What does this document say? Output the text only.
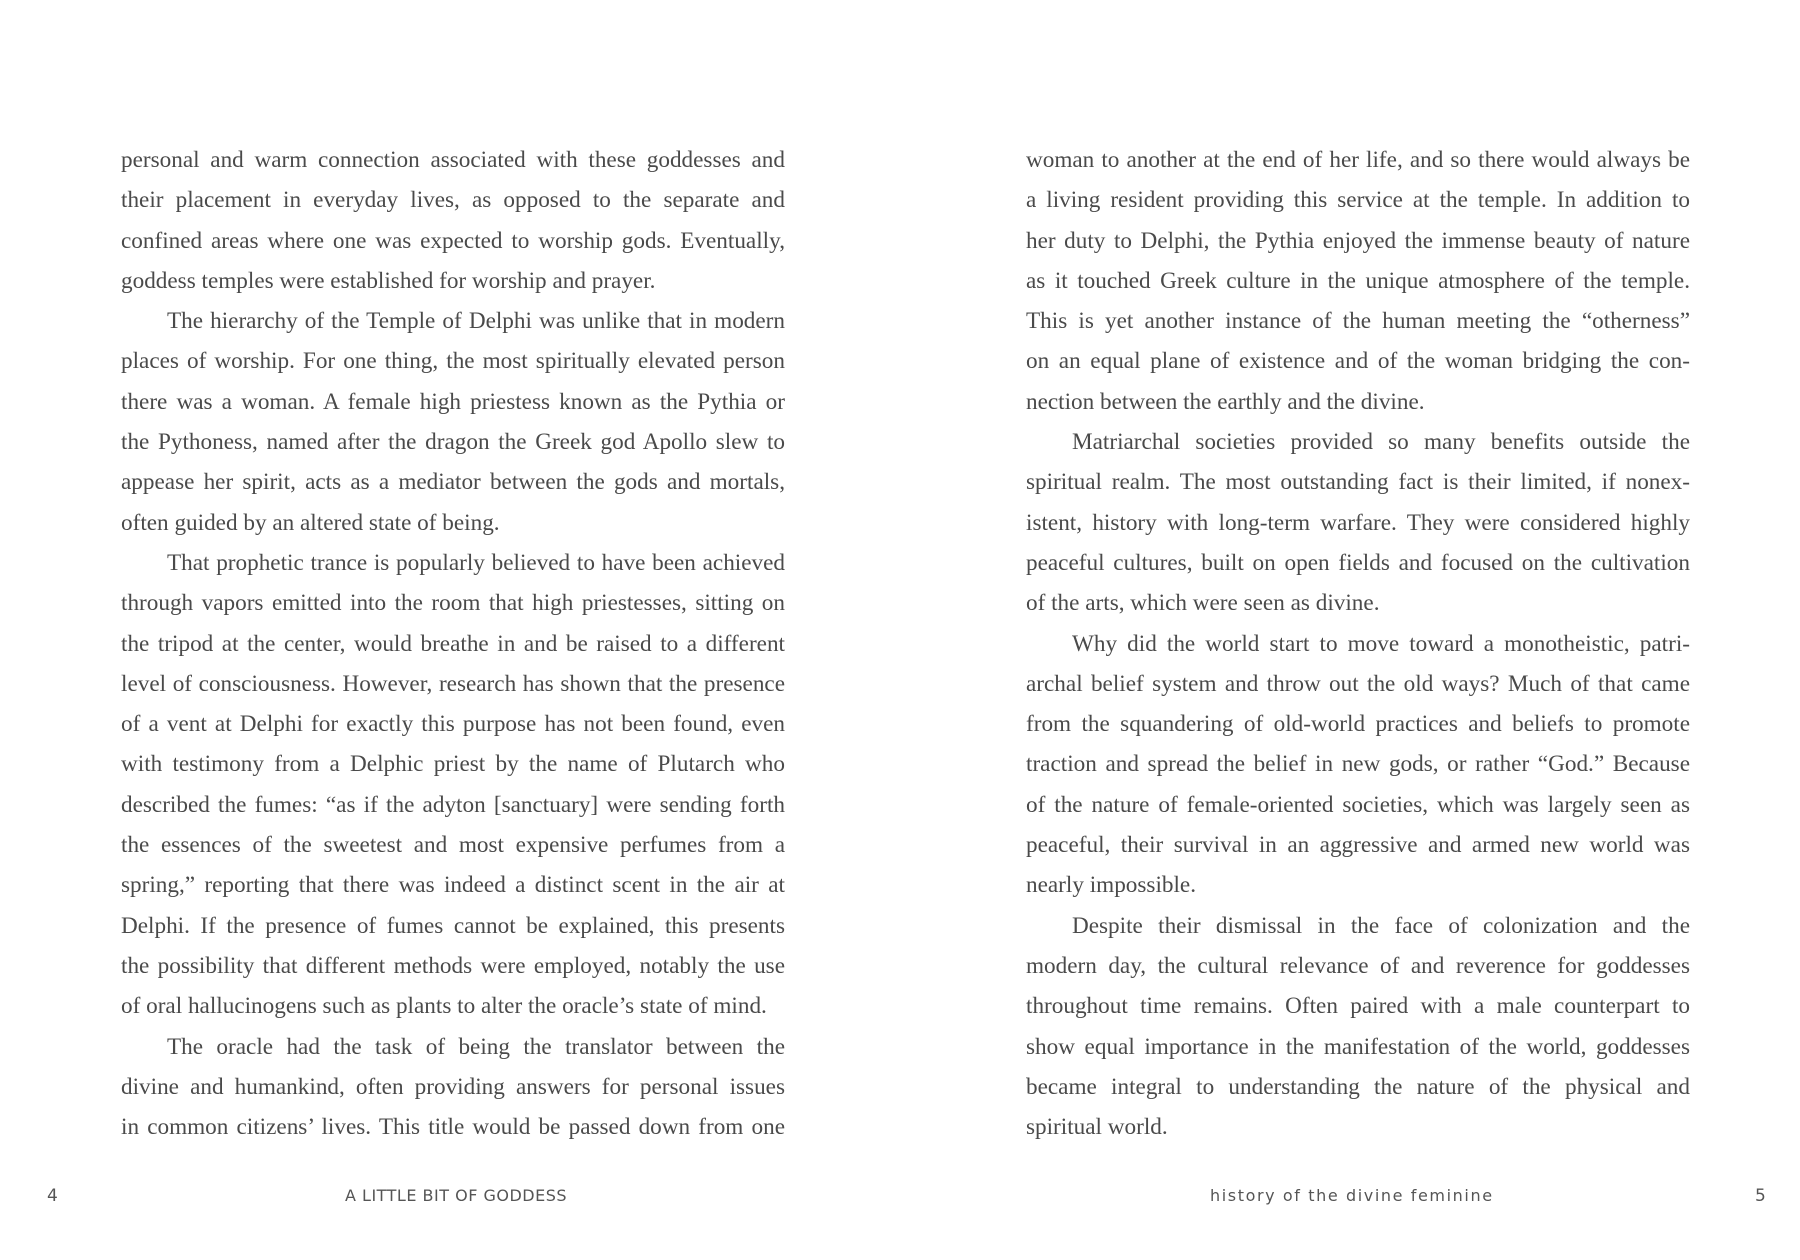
personal and warm connection associated with these goddesses and
their placement in everyday lives, as opposed to the separate and
confined areas where one was expected to worship gods. Eventually,
goddess temples were established for worship and prayer.
The hierarchy of the Temple of Delphi was unlike that in modern
places of worship. For one thing, the most spiritually elevated person
there was a woman. A female high priestess known as the Pythia or
the Pythoness, named after the dragon the Greek god Apollo slew to
appease her spirit, acts as a mediator between the gods and mortals,
often guided by an altered state of being.
That prophetic trance is popularly believed to have been achieved
through vapors emitted into the room that high priestesses, sitting on
the tripod at the center, would breathe in and be raised to a different
level of consciousness. However, research has shown that the presence
of a vent at Delphi for exactly this purpose has not been found, even
with testimony from a Delphic priest by the name of Plutarch who
described the fumes: “as if the adyton [sanctuary] were sending forth
the essences of the sweetest and most expensive perfumes from a
spring,” reporting that there was indeed a distinct scent in the air at
Delphi. If the presence of fumes cannot be explained, this presents
the possibility that different methods were employed, notably the use
of oral hallucinogens such as plants to alter the oracle’s state of mind.
The oracle had the task of being the translator between the
divine and humankind, often providing answers for personal issues
in common citizens’ lives. This title would be passed down from one
4	A LITTLE BIT OF GODDESS
woman to another at the end of her life, and so there would always be
a living resident providing this service at the temple. In addition to
her duty to Delphi, the Pythia enjoyed the immense beauty of nature
as it touched Greek culture in the unique atmosphere of the temple.
This is yet another instance of the human meeting the “otherness”
on an equal plane of existence and of the woman bridging the con-
nection between the earthly and the divine.
Matriarchal societies provided so many benefits outside the
spiritual realm. The most outstanding fact is their limited, if nonex-
istent, history with long-term warfare. They were considered highly
peaceful cultures, built on open fields and focused on the cultivation
of the arts, which were seen as divine.
Why did the world start to move toward a monotheistic, patri-
archal belief system and throw out the old ways? Much of that came
from the squandering of old-world practices and beliefs to promote
traction and spread the belief in new gods, or rather “God.” Because
of the nature of female-oriented societies, which was largely seen as
peaceful, their survival in an aggressive and armed new world was
nearly impossible.
Despite their dismissal in the face of colonization and the
modern day, the cultural relevance of and reverence for goddesses
throughout time remains. Often paired with a male counterpart to
show equal importance in the manifestation of the world, goddesses
became integral to understanding the nature of the physical and
spiritual world.
history of the divine feminine	5
